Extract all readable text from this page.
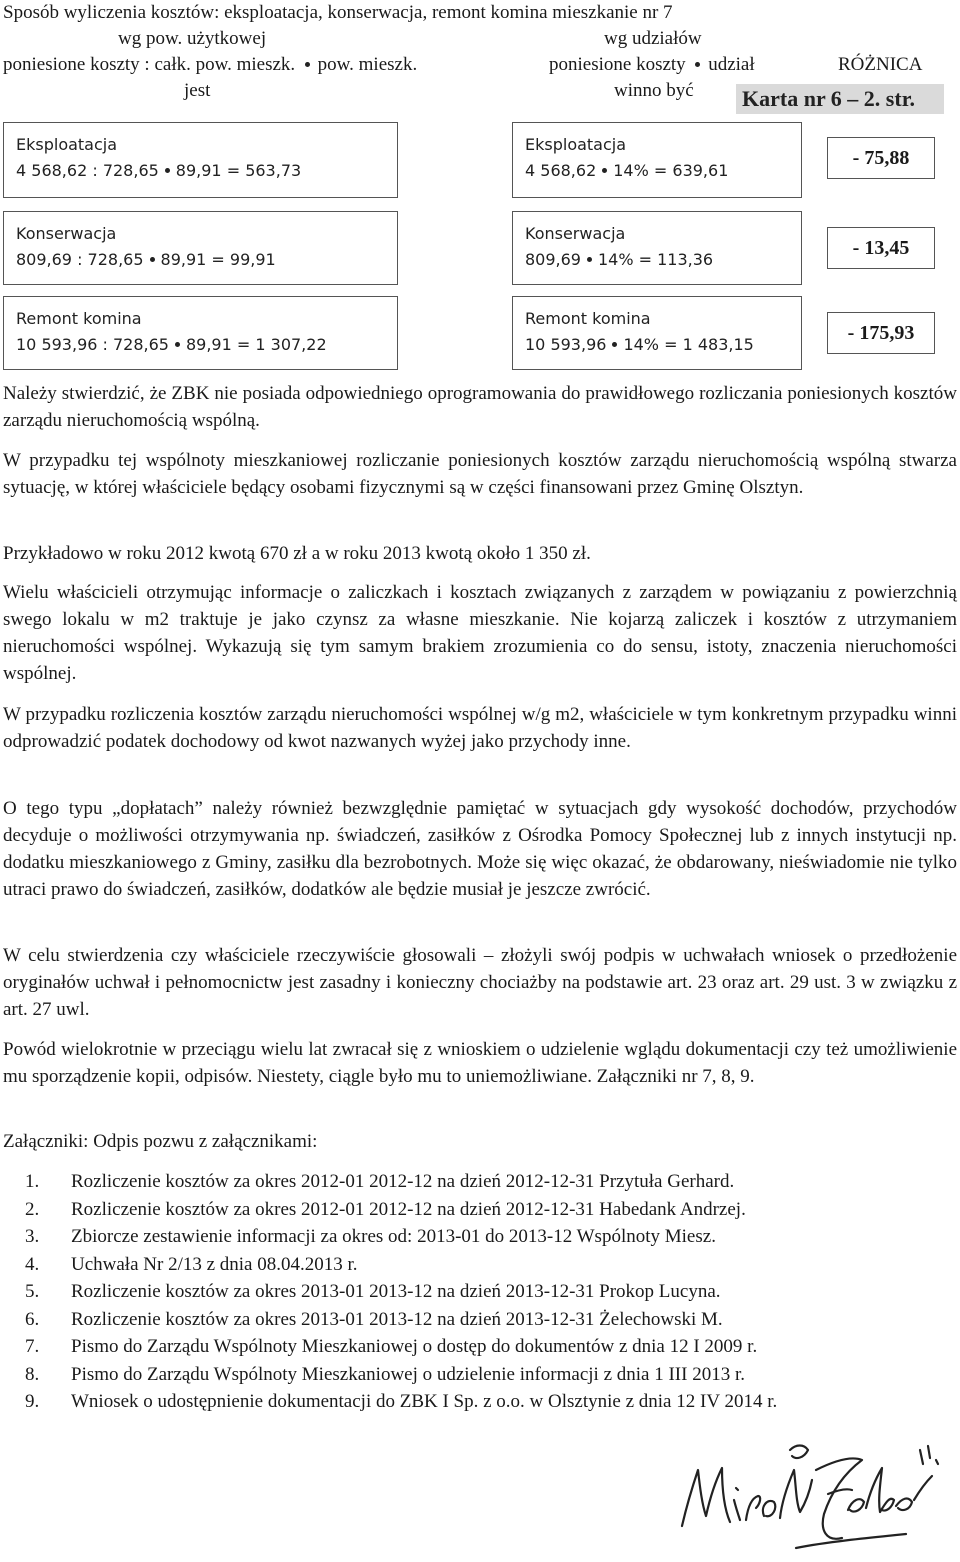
Sposób wyliczenia kosztów: eksploatacja, konserwacja, remont komina mieszkanie nr 7
wg pow. użytkowej	wg udziałów
poniesione koszty : całk. pow. mieszk. pow. mieszk.	poniesione koszty udział	RÓŻNICA
jest	winno być Karta nr 6 – 2. str.
Eksploatacja
4 568,62 : 728,65 89,91 = 563,73
Eksploatacja
4 568,62 14% = 639,61
- 75,88
Konserwacja
809,69 : 728,65 89,91 = 99,91
Konserwacja
809,69 14% = 113,36
- 13,45
Remont komina
10 593,96 : 728,65 89,91 = 1 307,22
Remont komina
10 593,96 14% = 1 483,15
- 175,93
Należy stwierdzić, że ZBK nie posiada odpowiedniego oprogramowania do prawidłowego rozliczania poniesionych kosztów zarządu nieruchomością wspólną.
W przypadku tej wspólnoty mieszkaniowej rozliczanie poniesionych kosztów zarządu nieruchomością wspólną stwarza sytuację, w której właściciele będący osobami fizycznymi są w części finansowani przez Gminę Olsztyn.
Przykładowo w roku 2012 kwotą 670 zł a w roku 2013 kwotą około 1 350 zł.
Wielu właścicieli otrzymując informacje o zaliczkach i kosztach związanych z zarządem w powiązaniu z powierzchnią swego lokalu w m2 traktuje je jako czynsz za własne mieszkanie. Nie kojarzą zaliczek i kosztów z utrzymaniem nieruchomości wspólnej. Wykazują się tym samym brakiem zrozumienia co do sensu, istoty, znaczenia nieruchomości wspólnej.
W przypadku rozliczenia kosztów zarządu nieruchomości wspólnej w/g m2, właściciele w tym konkretnym przypadku winni odprowadzić podatek dochodowy od kwot nazwanych wyżej jako przychody inne.
O tego typu „dopłatach” należy również bezwzględnie pamiętać w sytuacjach gdy wysokość dochodów, przychodów decyduje o możliwości otrzymywania np. świadczeń, zasiłków z Ośrodka Pomocy Społecznej lub z innych instytucji np. dodatku mieszkaniowego z Gminy, zasiłku dla bezrobotnych. Może się więc okazać, że obdarowany, nieświadomie nie tylko utraci prawo do świadczeń, zasiłków, dodatków ale będzie musiał je jeszcze zwrócić.
W celu stwierdzenia czy właściciele rzeczywiście głosowali – złożyli swój podpis w uchwałach wniosek o przedłożenie oryginałów uchwał i pełnomocnictw jest zasadny i konieczny chociażby na podstawie art. 23 oraz art. 29 ust. 3 w związku z art. 27 uwl.
Powód wielokrotnie w przeciągu wielu lat zwracał się z wnioskiem o udzielenie wglądu dokumentacji czy też umożliwienie mu sporządzenie kopii, odpisów. Niestety, ciągle było mu to uniemożliwiane. Załączniki nr 7, 8, 9.
Załączniki: Odpis pozwu z załącznikami:
1. Rozliczenie kosztów za okres 2012-01 2012-12 na dzień 2012-12-31 Przytuła Gerhard.
2. Rozliczenie kosztów za okres 2012-01 2012-12 na dzień 2012-12-31 Habedank Andrzej.
3. Zbiorcze zestawienie informacji za okres od: 2013-01 do 2013-12 Wspólnoty Miesz.
4. Uchwała Nr 2/13 z dnia 08.04.2013 r.
5. Rozliczenie kosztów za okres 2013-01 2013-12 na dzień 2013-12-31 Prokop Lucyna.
6. Rozliczenie kosztów za okres 2013-01 2013-12 na dzień 2013-12-31 Żelechowski M.
7. Pismo do Zarządu Wspólnoty Mieszkaniowej o dostęp do dokumentów z dnia 12 I 2009 r.
8. Pismo do Zarządu Wspólnoty Mieszkaniowej o udzielenie informacji z dnia 1 III 2013 r.
9. Wniosek o udostępnienie dokumentacji do ZBK I Sp. z o.o. w Olsztynie z dnia 12 IV 2014 r.
